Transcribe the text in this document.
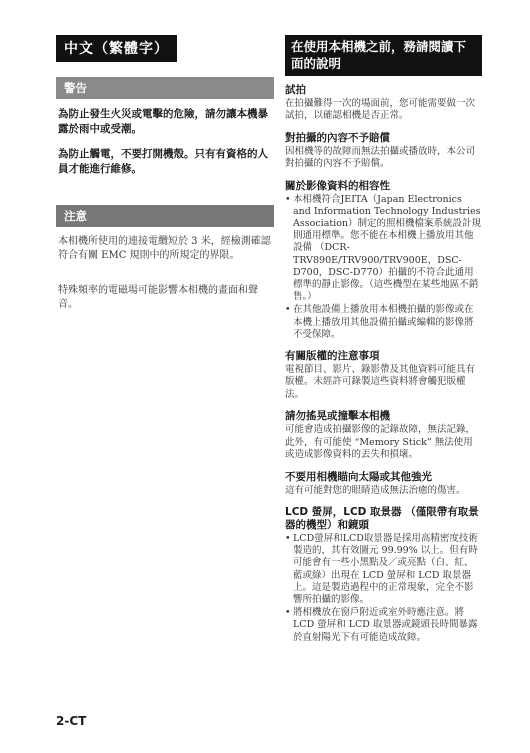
中文（繁體字）
警告

為防止發生火災或電擊的危險，請勿讓本機暴露於雨中或受潮。

為防止觸電，不要打開機殼。只有有資格的人員才能進行維修。

注意

本相機所使用的連接電纜短於 3 米，經檢測確認符合有關 EMC 規則中的所規定的界限。

特殊頻率的電磁場可能影響本相機的畫面和聲音。

在使用本相機之前，務請閱讀下面的說明

試拍

在拍攝難得一次的場面前，您可能需要做一次試拍，以確認相機是否正常。

對拍攝的內容不予賠償

因相機等的故障而無法拍攝或播放時，本公司對拍攝的內容不予賠償。

關於影像資料的相容性

• 本相機符合JEITA（Japan Electronics and Information Technology Industries Association）制定的照相機檔案系統設計規則通用標準。您不能在本相機上播放用其他設備 （DCR-TRV890E/TRV900/TRV900E，DSC-D700，DSC-D770）拍攝的不符合此通用標準的靜止影像。（這些機型在某些地區不銷售。）
• 在其他設備上播放用本相機拍攝的影像或在本機上播放用其他設備拍攝或編輯的影像將不受保障。

有關版權的注意事項

電視節目、影片、錄影帶及其他資料可能具有版權。未經許可錄製這些資料將會觸犯版權法。

請勿搖晃或撞擊本相機

可能會造成拍攝影像的記錄故障，無法記錄，此外，有可能使 “Memory Stick” 無法使用或造成影像資料的丟失和損壞。

不要用相機瞄向太陽或其他強光

這有可能對您的眼睛造成無法治癒的傷害。

LCD 螢屏，LCD 取景器 （僅限帶有取景器的機型）和鏡頭

• LCD螢屏和LCD取景器是採用高精密度技術製造的，其有效圖元 99.99% 以上。但有時可能會有一些小黑點及／或亮點（白、紅、藍或綠）出現在 LCD 螢屏和 LCD 取景器上。這是製造過程中的正常現象，完全不影響所拍攝的影像。
• 將相機放在窗戶附近或室外時應注意。將 LCD 螢屏和 LCD 取景器或鏡頭長時間暴露於直射陽光下有可能造成故障。
2-CT
